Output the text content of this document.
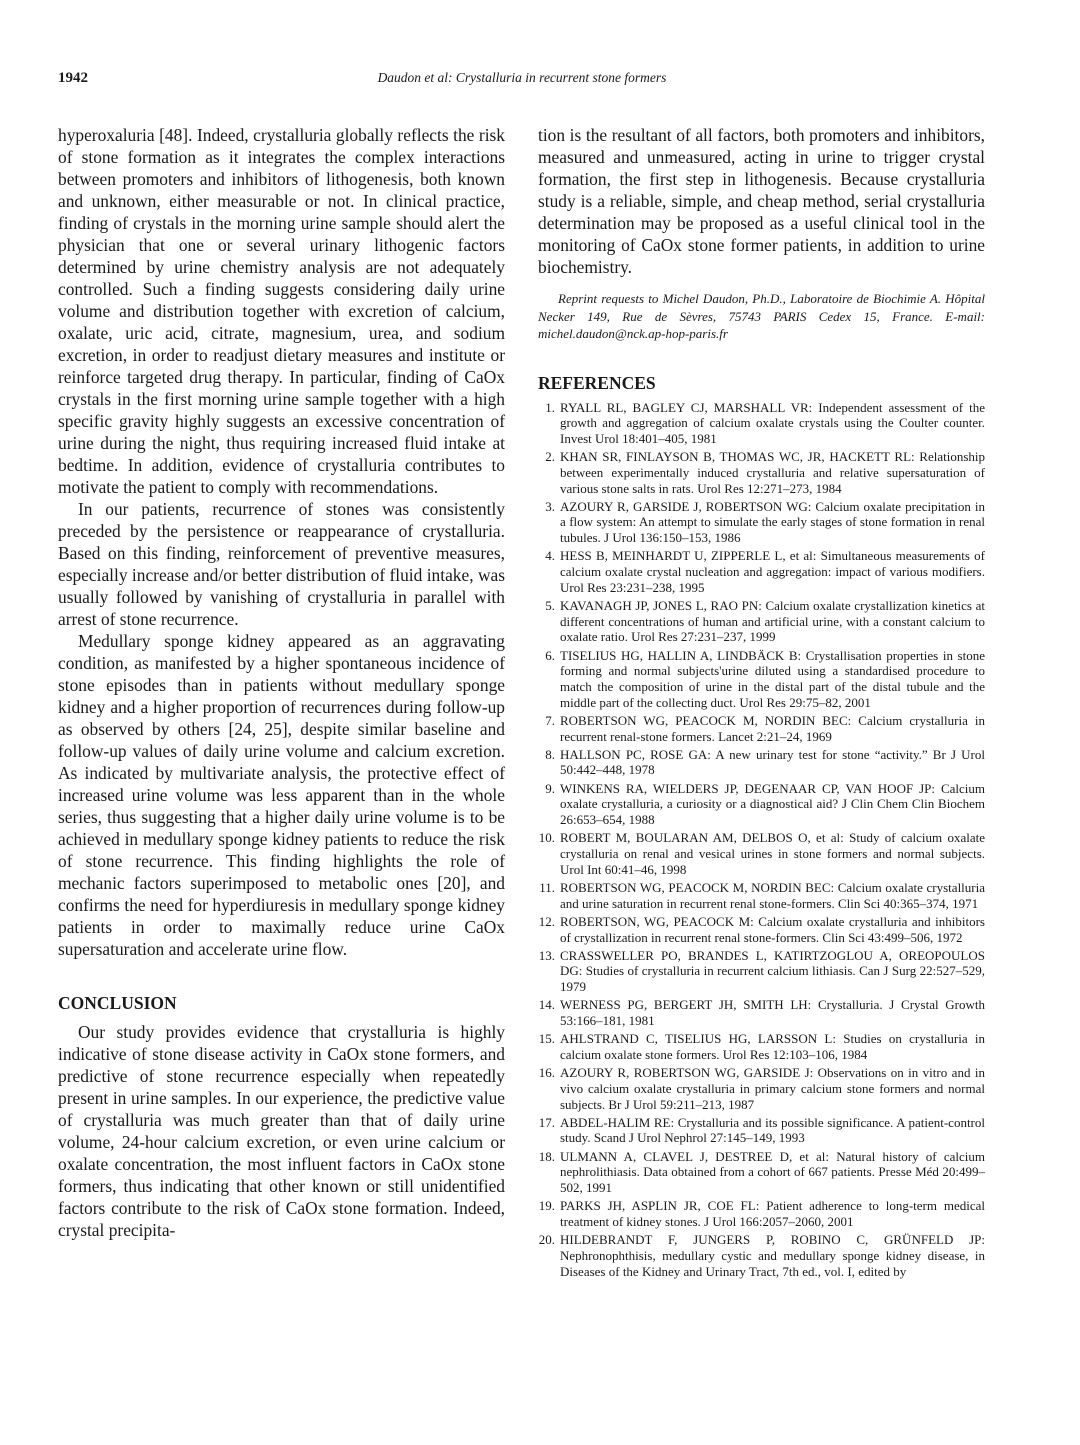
1942	Daudon et al: Crystalluria in recurrent stone formers

hyperoxaluria [48]. Indeed, crystalluria globally reflects the risk of stone formation as it integrates the complex interactions between promoters and inhibitors of lithogenesis, both known and unknown, either measurable or not. In clinical practice, finding of crystals in the morning urine sample should alert the physician that one or several urinary lithogenic factors determined by urine chemistry analysis are not adequately controlled. Such a finding suggests considering daily urine volume and distribution together with excretion of calcium, oxalate, uric acid, citrate, magnesium, urea, and sodium excretion, in order to readjust dietary measures and institute or reinforce targeted drug therapy. In particular, finding of CaOx crystals in the first morning urine sample together with a high specific gravity highly suggests an excessive concentration of urine during the night, thus requiring increased fluid intake at bedtime. In addition, evidence of crystalluria contributes to motivate the patient to comply with recommendations.

In our patients, recurrence of stones was consistently preceded by the persistence or reappearance of crystalluria. Based on this finding, reinforcement of preventive measures, especially increase and/or better distribution of fluid intake, was usually followed by vanishing of crystalluria in parallel with arrest of stone recurrence.

Medullary sponge kidney appeared as an aggravating condition, as manifested by a higher spontaneous incidence of stone episodes than in patients without medullary sponge kidney and a higher proportion of recurrences during follow-up as observed by others [24, 25], despite similar baseline and follow-up values of daily urine volume and calcium excretion. As indicated by multivariate analysis, the protective effect of increased urine volume was less apparent than in the whole series, thus suggesting that a higher daily urine volume is to be achieved in medullary sponge kidney patients to reduce the risk of stone recurrence. This finding highlights the role of mechanic factors superimposed to metabolic ones [20], and confirms the need for hyperdiuresis in medullary sponge kidney patients in order to maximally reduce urine CaOx supersaturation and accelerate urine flow.

CONCLUSION

Our study provides evidence that crystalluria is highly indicative of stone disease activity in CaOx stone formers, and predictive of stone recurrence especially when repeatedly present in urine samples. In our experience, the predictive value of crystalluria was much greater than that of daily urine volume, 24-hour calcium excretion, or even urine calcium or oxalate concentration, the most influent factors in CaOx stone formers, thus indicating that other known or still unidentified factors contribute to the risk of CaOx stone formation. Indeed, crystal precipita-

tion is the resultant of all factors, both promoters and inhibitors, measured and unmeasured, acting in urine to trigger crystal formation, the first step in lithogenesis. Because crystalluria study is a reliable, simple, and cheap method, serial crystalluria determination may be proposed as a useful clinical tool in the monitoring of CaOx stone former patients, in addition to urine biochemistry.

Reprint requests to Michel Daudon, Ph.D., Laboratoire de Biochimie A. Hôpital Necker 149, Rue de Sèvres, 75743 PARIS Cedex 15, France. E-mail: michel.daudon@nck.ap-hop-paris.fr

REFERENCES
1. RYALL RL, BAGLEY CJ, MARSHALL VR: Independent assessment of the growth and aggregation of calcium oxalate crystals using the Coulter counter. Invest Urol 18:401–405, 1981
2. KHAN SR, FINLAYSON B, THOMAS WC, JR, HACKETT RL: Relationship between experimentally induced crystalluria and relative supersaturation of various stone salts in rats. Urol Res 12:271–273, 1984
3. AZOURY R, GARSIDE J, ROBERTSON WG: Calcium oxalate precipitation in a flow system: An attempt to simulate the early stages of stone formation in renal tubules. J Urol 136:150–153, 1986
4. HESS B, MEINHARDT U, ZIPPERLE L, et al: Simultaneous measurements of calcium oxalate crystal nucleation and aggregation: impact of various modifiers. Urol Res 23:231–238, 1995
5. KAVANAGH JP, JONES L, RAO PN: Calcium oxalate crystallization kinetics at different concentrations of human and artificial urine, with a constant calcium to oxalate ratio. Urol Res 27:231–237, 1999
6. TISELIUS HG, HALLIN A, LINDBÄCK B: Crystallisation properties in stone forming and normal subjects'urine diluted using a standardised procedure to match the composition of urine in the distal part of the distal tubule and the middle part of the collecting duct. Urol Res 29:75–82, 2001
7. ROBERTSON WG, PEACOCK M, NORDIN BEC: Calcium crystalluria in recurrent renal-stone formers. Lancet 2:21–24, 1969
8. HALLSON PC, ROSE GA: A new urinary test for stone “activity.” Br J Urol 50:442–448, 1978
9. WINKENS RA, WIELDERS JP, DEGENAAR CP, VAN HOOF JP: Calcium oxalate crystalluria, a curiosity or a diagnostical aid? J Clin Chem Clin Biochem 26:653–654, 1988
10. ROBERT M, BOULARAN AM, DELBOS O, et al: Study of calcium oxalate crystalluria on renal and vesical urines in stone formers and normal subjects. Urol Int 60:41–46, 1998
11. ROBERTSON WG, PEACOCK M, NORDIN BEC: Calcium oxalate crystalluria and urine saturation in recurrent renal stone-formers. Clin Sci 40:365–374, 1971
12. ROBERTSON, WG, PEACOCK M: Calcium oxalate crystalluria and inhibitors of crystallization in recurrent renal stone-formers. Clin Sci 43:499–506, 1972
13. CRASSWELLER PO, BRANDES L, KATIRTZOGLOU A, OREOPOULOS DG: Studies of crystalluria in recurrent calcium lithiasis. Can J Surg 22:527–529, 1979
14. WERNESS PG, BERGERT JH, SMITH LH: Crystalluria. J Crystal Growth 53:166–181, 1981
15. AHLSTRAND C, TISELIUS HG, LARSSON L: Studies on crystalluria in calcium oxalate stone formers. Urol Res 12:103–106, 1984
16. AZOURY R, ROBERTSON WG, GARSIDE J: Observations on in vitro and in vivo calcium oxalate crystalluria in primary calcium stone formers and normal subjects. Br J Urol 59:211–213, 1987
17. ABDEL-HALIM RE: Crystalluria and its possible significance. A patient-control study. Scand J Urol Nephrol 27:145–149, 1993
18. ULMANN A, CLAVEL J, DESTREE D, et al: Natural history of calcium nephrolithiasis. Data obtained from a cohort of 667 patients. Presse Méd 20:499–502, 1991
19. PARKS JH, ASPLIN JR, COE FL: Patient adherence to long-term medical treatment of kidney stones. J Urol 166:2057–2060, 2001
20. HILDEBRANDT F, JUNGERS P, ROBINO C, GRÜNFELD JP: Nephronophthisis, medullary cystic and medullary sponge kidney disease, in Diseases of the Kidney and Urinary Tract, 7th ed., vol. I, edited by
